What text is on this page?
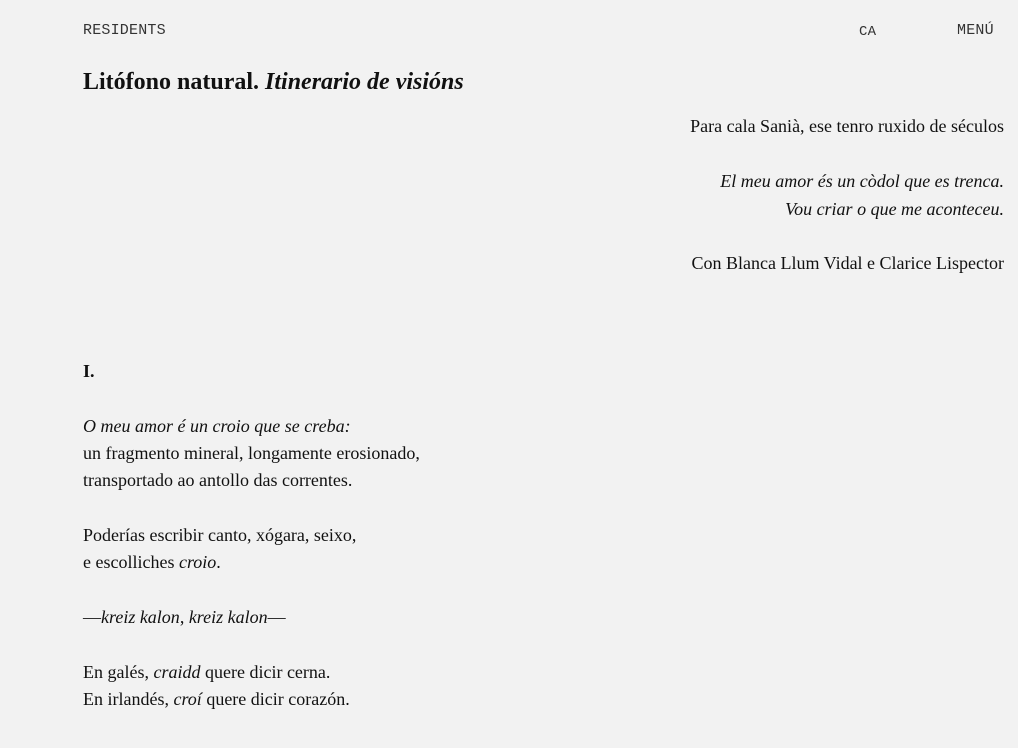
RESIDENTS	CA	MENÚ
Litófono natural. Itinerario de visións

Para cala Sanià, ese tenro ruxido de séculos

El meu amor és un còdol que es trenca.
Vou criar o que me aconteceu.

Con Blanca Llum Vidal e Clarice Lispector

I.

O meu amor é un croio que se creba:
un fragmento mineral, longamente erosionado,
transportado ao antollo das correntes.

Poderías escribir canto, xógara, seixo,
e escolliches croio.

—kreiz kalon, kreiz kalon—

En galés, craidd quere dicir cerna.
En irlandés, croí quere dicir corazón.
